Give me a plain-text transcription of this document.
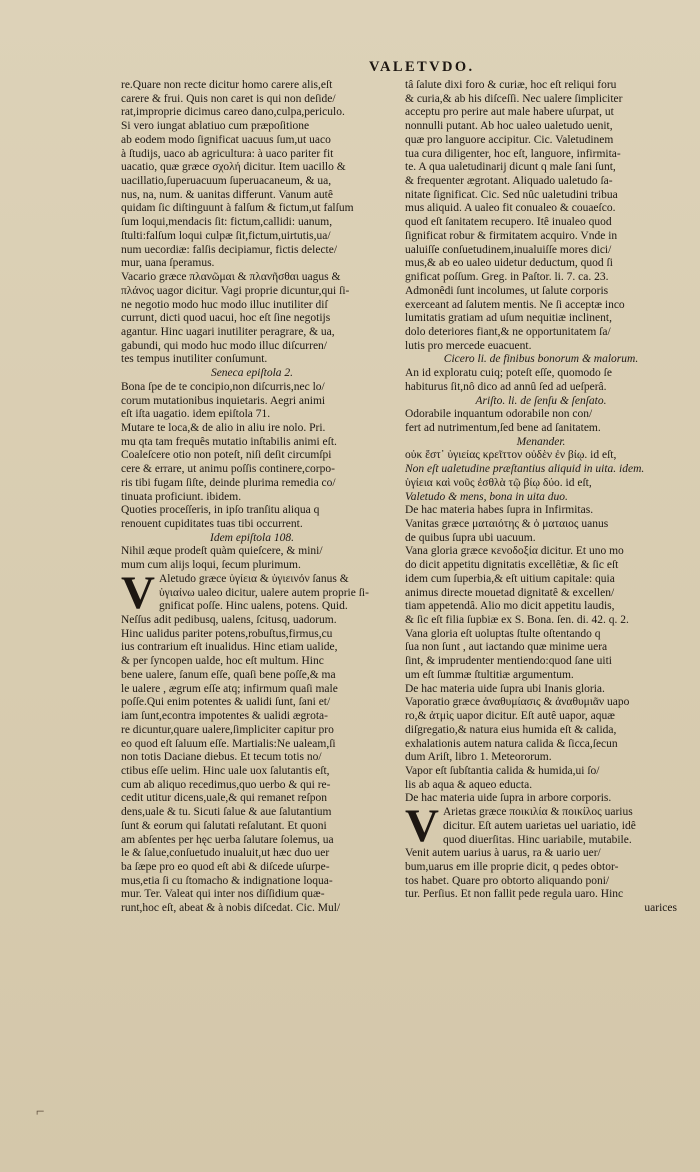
VALETVDO.

re.Quare non recte dicitur homo carere alis,eſt

carere & frui. Quis non caret is qui non deſide/

rat,improprie dicimus careo dano,culpa,periculo.

Si vero iungat ablatiuo cum præpoſitione

ab eodem modo ſignificat uacuus ſum,ut uaco

à ſtudijs, uaco ab agricultura: à uaco pariter fit

uacatio, quæ græce σχολή dicitur. Item uacillo &

uacillatio,ſuperuacuum ſuperuacaneum, & ua,

nus, na, num. & uanitas differunt. Vanum autê

quidam ſic diſtinguunt à falſum & fictum,ut falſum

ſum loqui,mendacis ſit: fictum,callidi: uanum,

ſtulti:falſum loqui culpæ ſit,fictum,uirtutis,ua/

num uecordiæ: falſis decipiamur, fictis delecte/

mur, uana ſperamus.

Vacario græce πλανῶμαι & πλανῆσθαι uagus &

πλάνος uagor dicitur. Vagi proprie dicuntur,qui ſi-

ne negotio modo huc modo illuc inutiliter diſ

currunt, dicti quod uacui, hoc eſt ſine negotijs

agantur. Hinc uagari inutiliter peragrare, & ua,

gabundi, qui modo huc modo illuc diſcurren/

tes tempus inutiliter conſumunt.

Seneca epiſtola 2.

Bona ſpe de te concipio,non diſcurris,nec lo/

corum mutationibus inquietaris. Aegri animi

eſt iſta uagatio. idem epiſtola 71.

Mutare te loca,& de alio in aliu ire nolo. Pri.

mu qta tam frequês mutatio inſtabilis animi eſt.

Coaleſcere otio non poteſt, niſi deſit circumſpi

cere & errare, ut animu poſſis continere,corpo-

ris tibi fugam ſiſte, deinde plurima remedia co/

tinuata proficiunt. ibidem.

Quoties proceſſeris, in ipſo tranſitu aliqua q

renouent cupiditates tuas tibi occurrent.

Idem epiſtola 108.

Nihil æque prodeſt quàm quieſcere, & mini/

mum cum alijs loqui, ſecum plurimum.

V Aletudo græce ὑγίεια & ὑγιεινόν ſanus &

ὑγιαίνω ualeo dicitur, ualere autem proprie ſi-

gnificat poſſe. Hinc ualens, potens. Quid.

Neſſus adit pedibusq, ualens, ſcitusq, uadorum.

Hinc ualidus pariter potens,robuſtus,firmus,cu

ius contrarium eſt inualidus. Hinc etiam ualide,

& per ſyncopen ualde, hoc eſt multum. Hinc

bene ualere, ſanum eſſe, quaſi bene poſſe,& ma

le ualere , ægrum eſſe atq; infirmum quaſi male

poſſe.Qui enim potentes & ualidi ſunt, ſani et/

iam ſunt,econtra impotentes & ualidi ægrota-

re dicuntur,quare ualere,ſimpliciter capitur pro

eo quod eſt ſaluum eſſe. Martialis:Ne ualeam,ſi

non totis Daciane diebus. Et tecum totis no/

ctibus eſſe uelim. Hinc uale uox ſalutantis eſt,

cum ab aliquo recedimus,quo uerbo & qui re-

cedit utitur dicens,uale,& qui remanet reſpon

dens,uale & tu. Sicuti ſalue & aue ſalutantium

ſunt & eorum qui ſalutati reſalutant. Et quoni

am abſentes per hęc uerba ſalutare ſolemus, ua

le & ſalue,conſuetudo inualuit,ut hæc duo uer

ba ſæpe pro eo quod eſt abi & diſcede uſurpe-

mus,etia ſi cu ſtomacho & indignatione loqua-

mur. Ter. Valeat qui inter nos diſſidium quæ-

runt,hoc eſt, abeat & à nobis diſcedat. Cic. Mul/

tâ ſalute dixi foro & curiæ, hoc eſt reliqui foru

& curia,& ab his diſceſſi. Nec ualere ſimpliciter

acceptu pro perire aut male habere uſurpat, ut

nonnulli putant. Ab hoc ualeo ualetudo uenit,

quæ pro languore accipitur. Cic. Valetudinem

tua cura diligenter, hoc eſt, languore, infirmita-

te. A qua ualetudinarij dicunt q male ſani ſunt,

& frequenter ægrotant. Aliquado ualetudo ſa-

nitate ſignificat. Cic. Sed nûc ualetudini tribua

mus aliquid. A ualeo fit conualeo & couaeſco.

quod eſt ſanitatem recupero. Itê inualeo quod

ſignificat robur & firmitatem acquiro. Vnde in

ualuiſſe conſuetudinem,inualuiſſe mores dici/

mus,& ab eo ualeo uidetur deductum, quod ſi

gnificat poſſum. Greg. in Paſtor. li. 7. ca. 23.

Admonêdi ſunt incolumes, ut ſalute corporis

exerceant ad ſalutem mentis. Ne ſi acceptæ inco

lumitatis gratiam ad uſum nequitiæ inclinent,

dolo deteriores fiant,& ne opportunitatem ſa/

lutis pro mercede euacuent.

Cicero li. de finibus bonorum & malorum.

An id exploratu cuiq; poteſt eſſe, quomodo ſe

habiturus ſit,nô dico ad annû ſed ad ueſperâ.

Ariſto. li. de ſenſu & ſenſato.

Odorabile inquantum odorabile non con/

fert ad nutrimentum,ſed bene ad ſanitatem.

Menander.

οὐκ ἔστ᾽ ὑγιείας κρεῖττον οὐδὲν ἐν βίῳ. id eſt,

Non eſt ualetudine præſtantius aliquid in uita. idem.

ὑγίεια καὶ νοῦς ἐσθλὰ τῷ βίῳ δύο. id eſt,

Valetudo & mens, bona in uita duo.

De hac materia habes ſupra in Infirmitas.

Vanitas græce ματαιότης & ὁ ματαιος uanus

de quibus ſupra ubi uacuum.

Vana gloria græce κενοδοξία dicitur. Et uno mo

do dicit appetitu dignitatis excellêtiæ, & ſic eſt

idem cum ſuperbia,& eſt uitium capitale: quia

animus directe mouetad dignitatê & excellen/

tiam appetendâ. Alio mo dicit appetitu laudis,

& ſic eſt filia ſupbiæ ex S. Bona. ſen. di. 42. q. 2.

Vana gloria eſt uoluptas ſtulte oſtentando q

ſua non ſunt , aut iactando quæ minime uera

ſint, & imprudenter mentiendo:quod ſane uiti

um eſt ſummæ ſtultitiæ argumentum.

De hac materia uide ſupra ubi Inanis gloria.

Vaporatio græce ἀναθυμίασις & ἀναθυμιᾶν uapo

ro,& ἀτμὶς uapor dicitur. Eſt autê uapor, aquæ

diſgregatio,& natura eius humida eſt & calida,

exhalationis autem natura calida & ſicca,ſecun

dum Ariſt, libro 1. Meteororum.

Vapor eſt ſubſtantia calida & humida,ui ſo/

lis ab aqua & aqueo educta.

De hac materia uide ſupra in arbore corporis.

V Arietas græce ποικιλία & ποικίλος uarius

dicitur. Eſt autem uarietas uel uariatio, idê

quod diuerſitas. Hinc uariabile, mutabile.

Venit autem uarius à uarus, ra & uario uer/

bum,uarus em ille proprie dicit, q pedes obtor-

tos habet. Quare pro obtorto aliquando poni/

tur. Perſius. Et non fallit pede regula uaro. Hinc

uarices

⌐
